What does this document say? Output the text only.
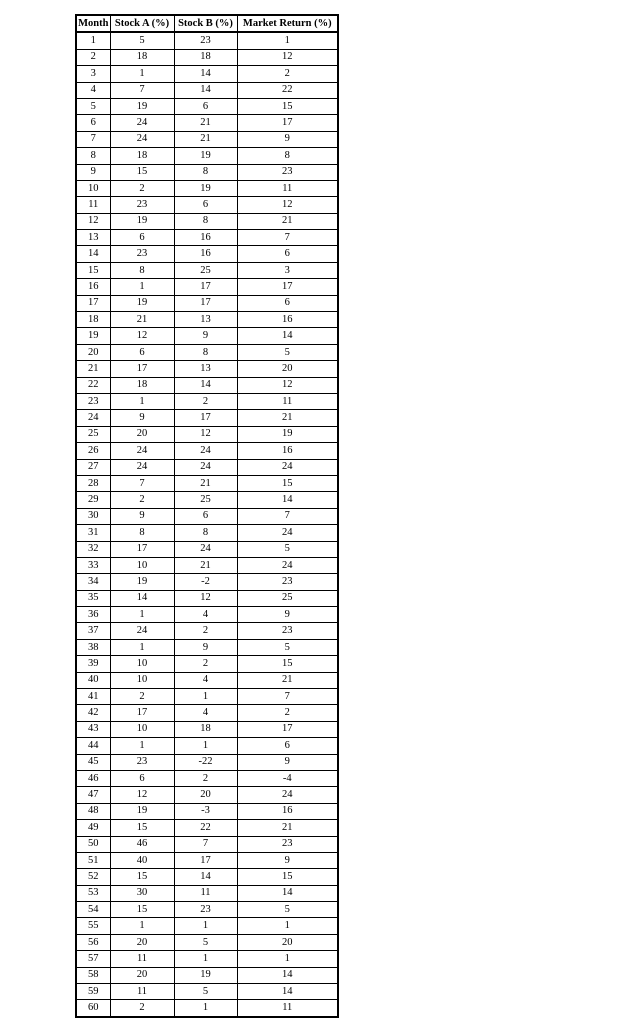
Month	Stock A (%)	Stock B (%)	Market Return (%)
1	5	23	1
2	18	18	12
3	1	14	2
4	7	14	22
5	19	6	15
6	24	21	17
7	24	21	9
8	18	19	8
9	15	8	23
10	2	19	11
11	23	6	12
12	19	8	21
13	6	16	7
14	23	16	6
15	8	25	3
16	1	17	17
17	19	17	6
18	21	13	16
19	12	9	14
20	6	8	5
21	17	13	20
22	18	14	12
23	1	2	11
24	9	17	21
25	20	12	19
26	24	24	16
27	24	24	24
28	7	21	15
29	2	25	14
30	9	6	7
31	8	8	24
32	17	24	5
33	10	21	24
34	19	-2	23
35	14	12	25
36	1	4	9
37	24	2	23
38	1	9	5
39	10	2	15
40	10	4	21
41	2	1	7
42	17	4	2
43	10	18	17
44	1	1	6
45	23	-22	9
46	6	2	-4
47	12	20	24
48	19	-3	16
49	15	22	21
50	46	7	23
51	40	17	9
52	15	14	15
53	30	11	14
54	15	23	5
55	1	1	1
56	20	5	20
57	11	1	1
58	20	19	14
59	11	5	14
60	2	1	11
